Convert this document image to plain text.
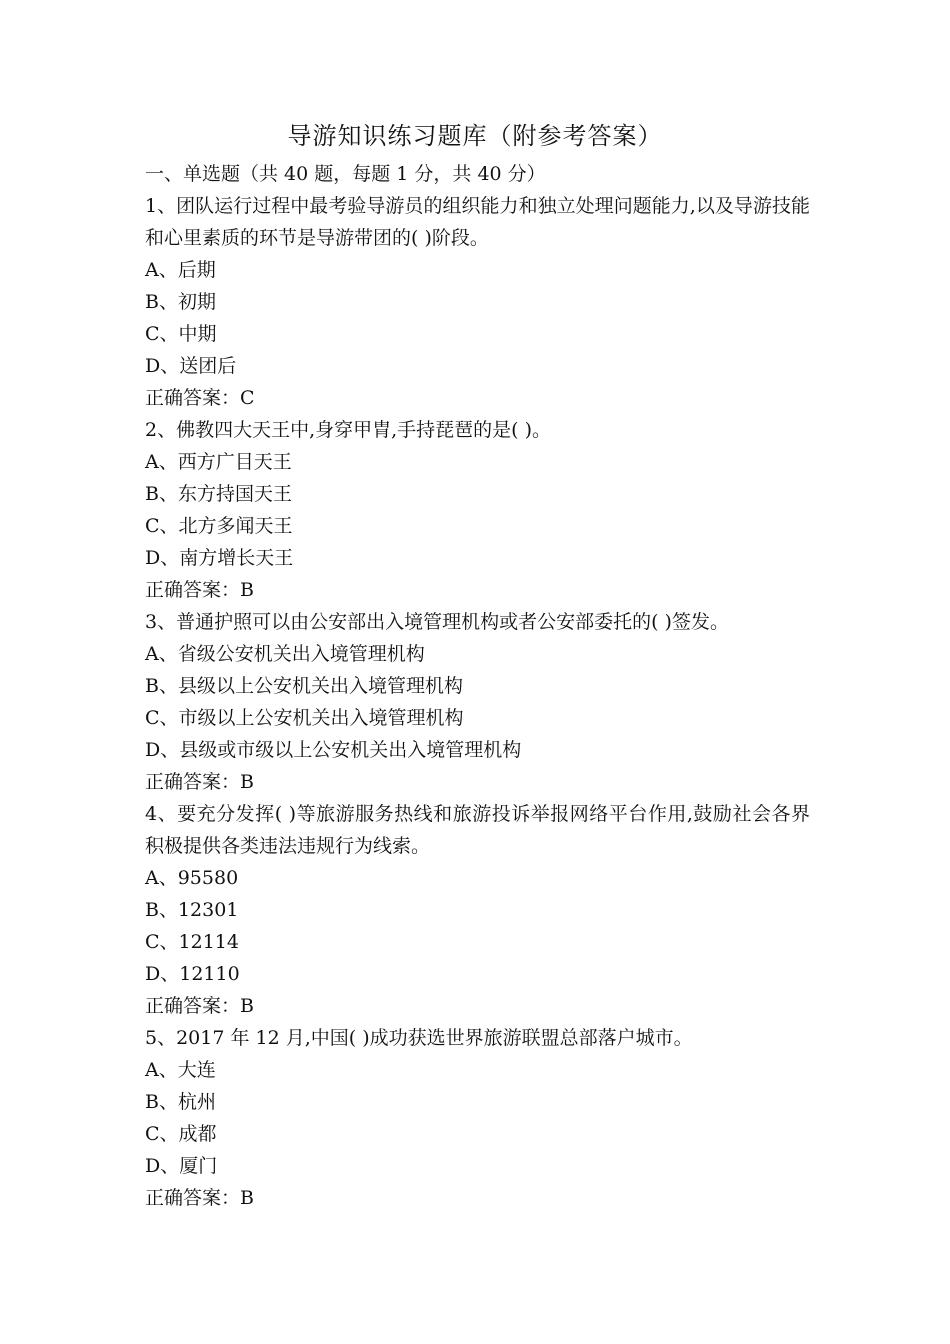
导游知识练习题库（附参考答案）

一、单选题（共 40 题，每题 1 分，共 40 分）

1、团队运行过程中最考验导游员的组织能力和独立处理问题能力,以及导游技能和心里素质的环节是导游带团的( )阶段。

A、后期

B、初期

C、中期

D、送团后

正确答案：C

2、佛教四大天王中,身穿甲胄,手持琵琶的是( )。

A、西方广目天王

B、东方持国天王

C、北方多闻天王

D、南方增长天王

正确答案：B

3、普通护照可以由公安部出入境管理机构或者公安部委托的( )签发。

A、省级公安机关出入境管理机构

B、县级以上公安机关出入境管理机构

C、市级以上公安机关出入境管理机构

D、县级或市级以上公安机关出入境管理机构

正确答案：B

4、要充分发挥( )等旅游服务热线和旅游投诉举报网络平台作用,鼓励社会各界积极提供各类违法违规行为线索。

A、95580

B、12301

C、12114

D、12110

正确答案：B

5、2017 年 12 月,中国( )成功获选世界旅游联盟总部落户城市。

A、大连

B、杭州

C、成都

D、厦门

正确答案：B
